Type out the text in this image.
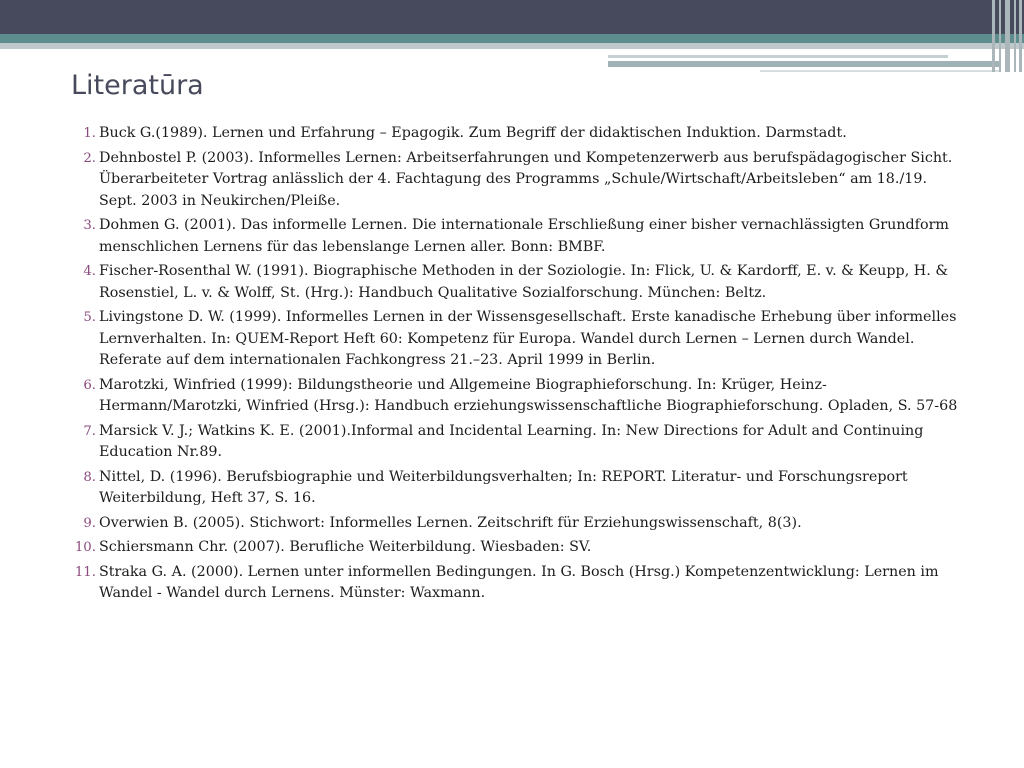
Literatūra
1. Buck G.(1989). Lernen und Erfahrung – Epagogik. Zum Begriff der didaktischen Induktion. Darmstadt.
2. Dehnbostel P. (2003). Informelles Lernen: Arbeitserfahrungen und Kompetenzerwerb aus berufspädagogischer Sicht. Überarbeiteter Vortrag anlässlich der 4. Fachtagung des Programms „Schule/Wirtschaft/Arbeitsleben“ am 18./19. Sept. 2003 in Neukirchen/Pleiße.
3. Dohmen G. (2001). Das informelle Lernen. Die internationale Erschließung einer bisher vernachlässigten Grundform menschlichen Lernens für das lebenslange Lernen aller. Bonn: BMBF.
4. Fischer-Rosenthal W. (1991). Biographische Methoden in der Soziologie. In: Flick, U. & Kardorff, E. v. & Keupp, H. & Rosenstiel, L. v. & Wolff, St. (Hrg.): Handbuch Qualitative Sozialforschung. München: Beltz.
5. Livingstone D. W. (1999). Informelles Lernen in der Wissensgesellschaft. Erste kanadische Erhebung über informelles Lernverhalten. In: QUEM-Report Heft 60: Kompetenz für Europa. Wandel durch Lernen – Lernen durch Wandel. Referate auf dem internationalen Fachkongress 21.–23. April 1999 in Berlin.
6. Marotzki, Winfried (1999): Bildungstheorie und Allgemeine Biographieforschung. In: Krüger, Heinz-Hermann/Marotzki, Winfried (Hrsg.): Handbuch erziehungswissenschaftliche Biographieforschung. Opladen, S. 57-68
7. Marsick V. J.; Watkins K. E. (2001).Informal and Incidental Learning. In: New Directions for Adult and Continuing Education Nr.89.
8. Nittel, D. (1996). Berufsbiographie und Weiterbildungsverhalten; In: REPORT. Literatur- und Forschungsreport Weiterbildung, Heft 37, S. 16.
9. Overwien B. (2005). Stichwort: Informelles Lernen. Zeitschrift für Erziehungswissenschaft, 8(3).
10. Schiersmann Chr. (2007). Berufliche Weiterbildung. Wiesbaden: SV.
11. Straka G. A. (2000). Lernen unter informellen Bedingungen. In G. Bosch (Hrsg.) Kompetenzentwicklung: Lernen im Wandel - Wandel durch Lernens. Münster: Waxmann.
